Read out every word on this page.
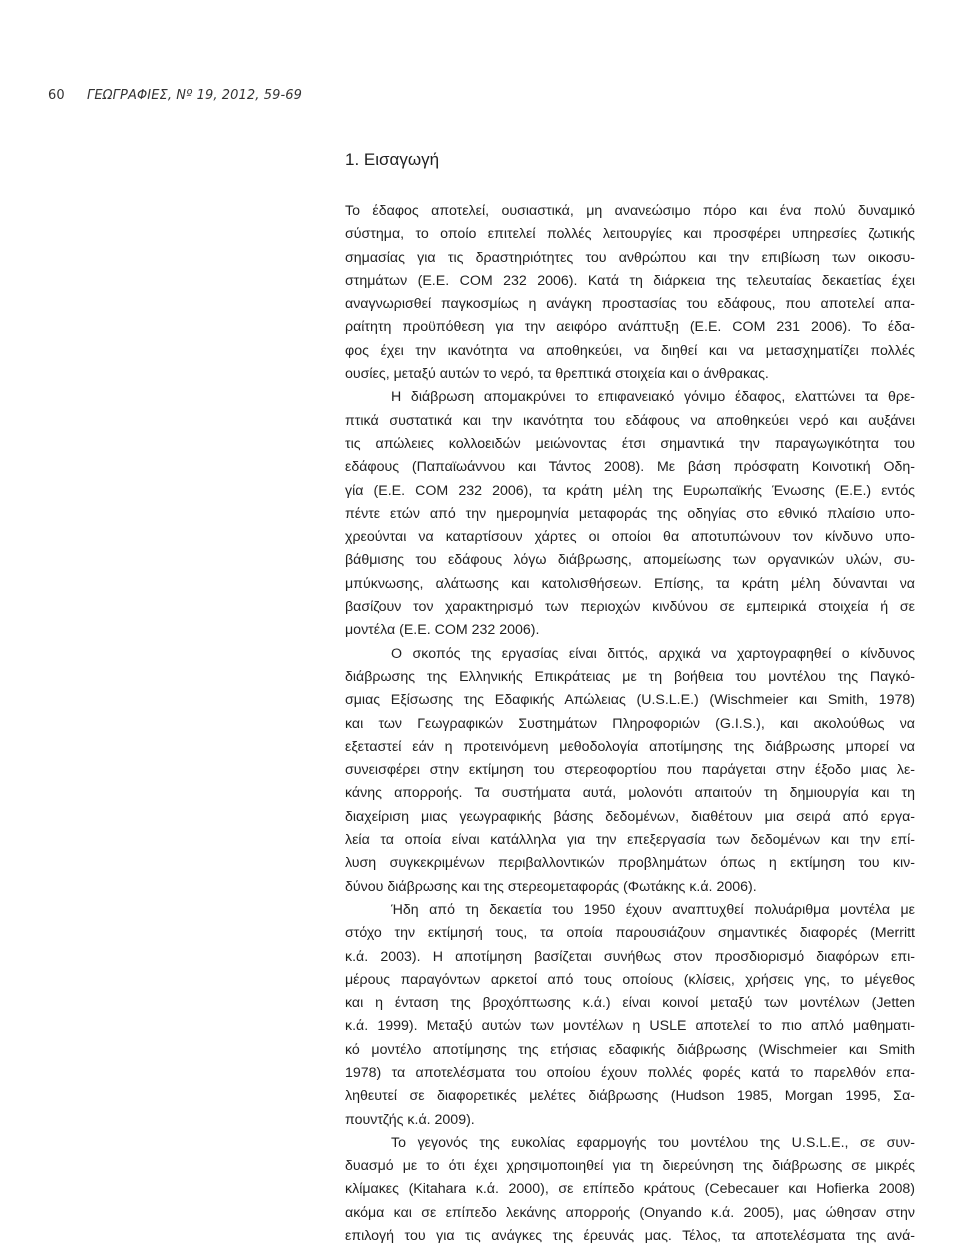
60 ΓΕΩΓΡΑΦΙΕΣ, Nº 19, 2012, 59-69
1. Εισαγωγή
Το έδαφος αποτελεί, ουσιαστικά, μη ανανεώσιμο πόρο και ένα πολύ δυναμικό
σύστημα, το οποίο επιτελεί πολλές λειτουργίες και προσφέρει υπηρεσίες ζωτικής
σημασίας για τις δραστηριότητες του ανθρώπου και την επιβίωση των οικοσυ-
στημάτων (Ε.Ε. COM 232 2006). Κατά τη διάρκεια της τελευταίας δεκαετίας έχει
αναγνωρισθεί παγκοσμίως η ανάγκη προστασίας του εδάφους, που αποτελεί απα-
ραίτητη προϋπόθεση για την αειφόρο ανάπτυξη (Ε.Ε. COM 231 2006). Το έδα-
φος έχει την ικανότητα να αποθηκεύει, να διηθεί και να μετασχηματίζει πολλές
ουσίες, μεταξύ αυτών το νερό, τα θρεπτικά στοιχεία και ο άνθρακας.
Η διάβρωση απομακρύνει το επιφανειακό γόνιμο έδαφος, ελαττώνει τα θρε-
πτικά συστατικά και την ικανότητα του εδάφους να αποθηκεύει νερό και αυξάνει
τις απώλειες κολλοειδών μειώνοντας έτσι σημαντικά την παραγωγικότητα του
εδάφους (Παπαϊωάννου και Τάντος 2008). Με βάση πρόσφατη Κοινοτική Οδη-
γία (Ε.Ε. COM 232 2006), τα κράτη μέλη της Ευρωπαϊκής Ένωσης (Ε.Ε.) εντός
πέντε ετών από την ημερομηνία μεταφοράς της οδηγίας στο εθνικό πλαίσιο υπο-
χρεούνται να καταρτίσουν χάρτες οι οποίοι θα αποτυπώνουν τον κίνδυνο υπο-
βάθμισης του εδάφους λόγω διάβρωσης, απομείωσης των οργανικών υλών, συ-
μπύκνωσης, αλάτωσης και κατολισθήσεων. Επίσης, τα κράτη μέλη δύνανται να
βασίζουν τον χαρακτηρισμό των περιοχών κινδύνου σε εμπειρικά στοιχεία ή σε
μοντέλα (Ε.Ε. COM 232 2006).
Ο σκοπός της εργασίας είναι διττός, αρχικά να χαρτογραφηθεί ο κίνδυνος
διάβρωσης της Ελληνικής Επικράτειας με τη βοήθεια του μοντέλου της Παγκό-
σμιας Εξίσωσης της Εδαφικής Απώλειας (U.S.L.E.) (Wischmeier και Smith, 1978)
και των Γεωγραφικών Συστημάτων Πληροφοριών (G.I.S.), και ακολούθως να
εξεταστεί εάν η προτεινόμενη μεθοδολογία αποτίμησης της διάβρωσης μπορεί να
συνεισφέρει στην εκτίμηση του στερεοφορτίου που παράγεται στην έξοδο μιας λε-
κάνης απορροής. Τα συστήματα αυτά, μολονότι απαιτούν τη δημιουργία και τη
διαχείριση μιας γεωγραφικής βάσης δεδομένων, διαθέτουν μια σειρά από εργα-
λεία τα οποία είναι κατάλληλα για την επεξεργασία των δεδομένων και την επί-
λυση συγκεκριμένων περιβαλλοντικών προβλημάτων όπως η εκτίμηση του κιν-
δύνου διάβρωσης και της στερεομεταφοράς (Φωτάκης κ.ά. 2006).
Ήδη από τη δεκαετία του 1950 έχουν αναπτυχθεί πολυάριθμα μοντέλα με
στόχο την εκτίμησή τους, τα οποία παρουσιάζουν σημαντικές διαφορές (Merritt
κ.ά. 2003). Η αποτίμηση βασίζεται συνήθως στον προσδιορισμό διαφόρων επι-
μέρους παραγόντων αρκετοί από τους οποίους (κλίσεις, χρήσεις γης, το μέγεθος
και η ένταση της βροχόπτωσης κ.ά.) είναι κοινοί μεταξύ των μοντέλων (Jetten
κ.ά. 1999). Μεταξύ αυτών των μοντέλων η USLE αποτελεί το πιο απλό μαθηματι-
κό μοντέλο αποτίμησης της ετήσιας εδαφικής διάβρωσης (Wischmeier και Smith
1978) τα αποτελέσματα του οποίου έχουν πολλές φορές κατά το παρελθόν επα-
ληθευτεί σε διαφορετικές μελέτες διάβρωσης (Hudson 1985, Morgan 1995, Σα-
πουντζής κ.ά. 2009).
Το γεγονός της ευκολίας εφαρμογής του μοντέλου της U.S.L.E., σε συν-
δυασμό με το ότι έχει χρησιμοποιηθεί για τη διερεύνηση της διάβρωσης σε μικρές
κλίμακες (Kitahara κ.ά. 2000), σε επίπεδο κράτους (Cebecauer και Hofierka 2008)
ακόμα και σε επίπεδο λεκάνης απορροής (Onyando κ.ά. 2005), μας ώθησαν στην
επιλογή του για τις ανάγκες της έρευνάς μας. Τέλος, τα αποτελέσματα της ανά-
